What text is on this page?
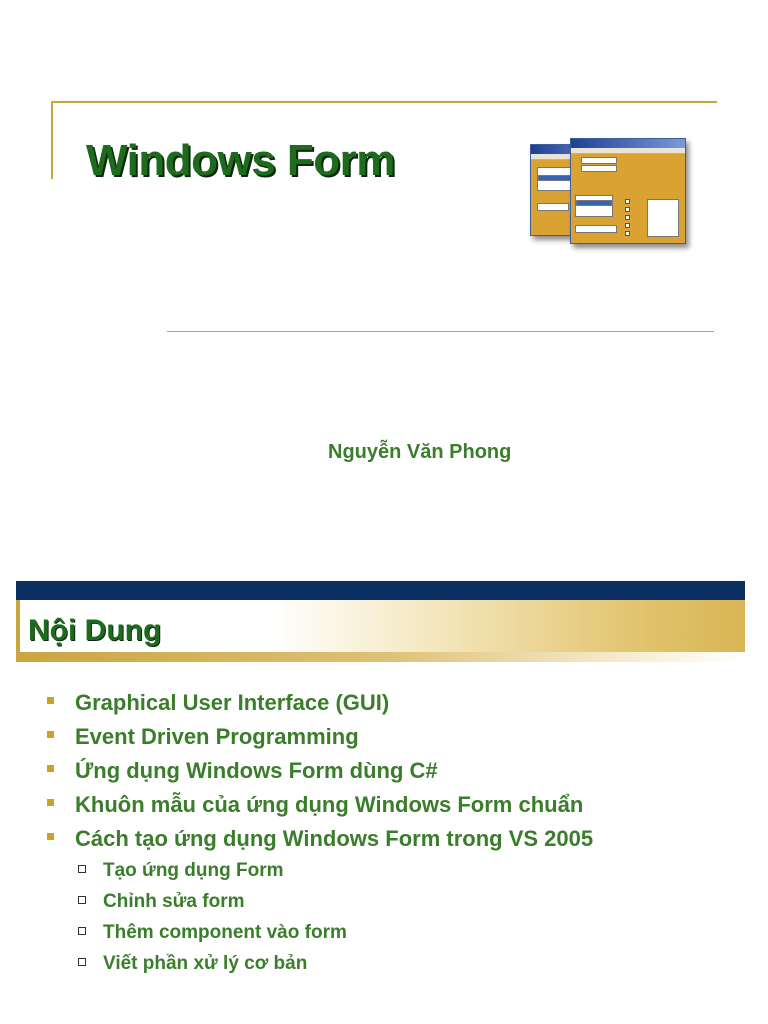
Windows Form
Nguyễn Văn Phong
Nội Dung
Graphical User Interface (GUI)
Event Driven Programming
Ứng dụng Windows Form dùng C#
Khuôn mẫu của ứng dụng Windows Form chuẩn
Cách tạo ứng dụng Windows Form trong VS 2005
Tạo ứng dụng Form
Chỉnh sửa form
Thêm component vào form
Viết phần xử lý cơ bản
